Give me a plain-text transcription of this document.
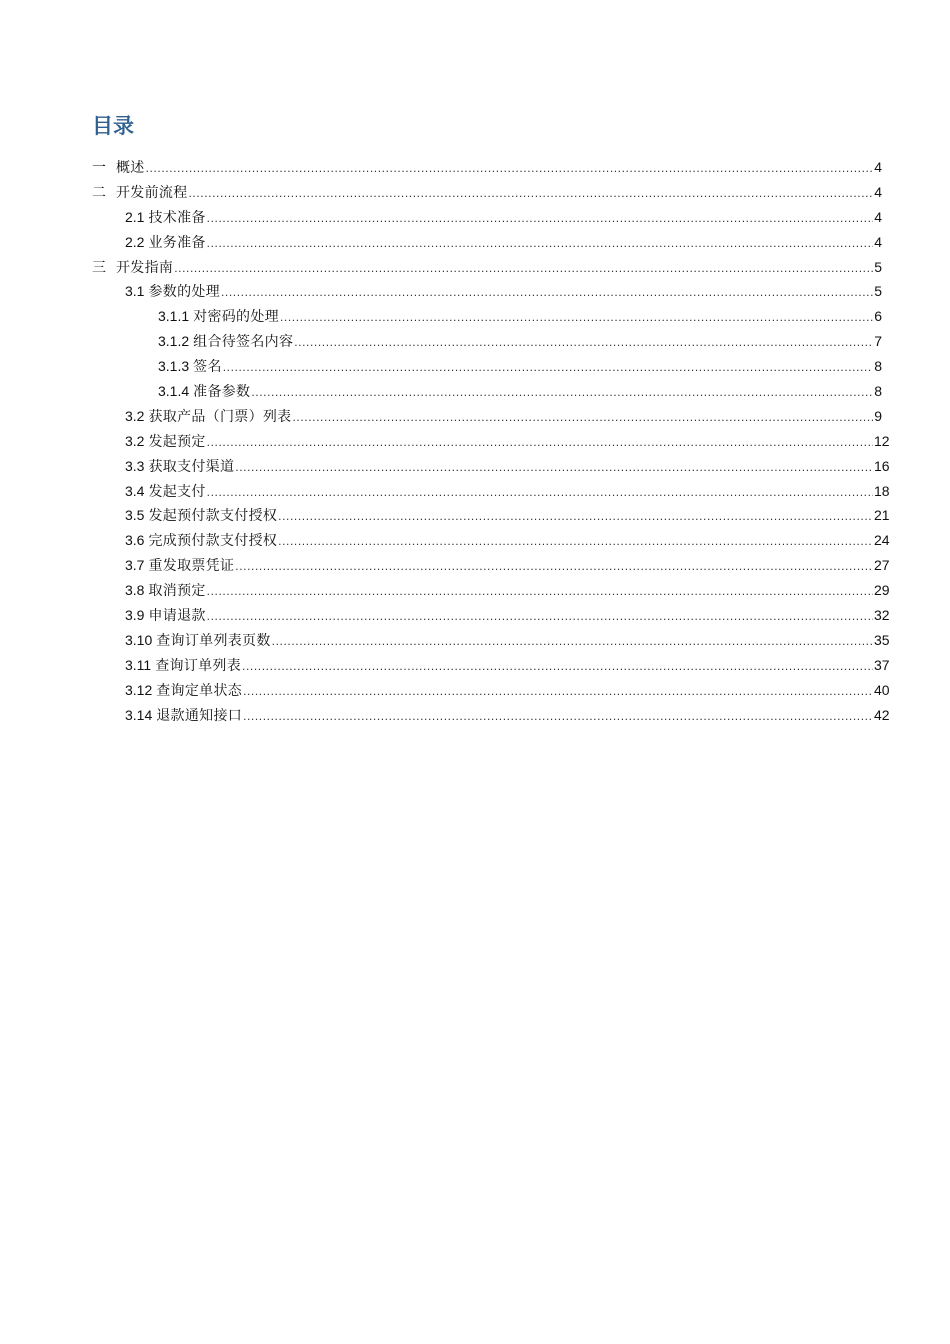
目录
一 概述 .....	4
二 开发前流程 .....	4
2.1 技术准备 .....	4
2.2 业务准备 .....	4
三 开发指南 .....	5
3.1 参数的处理 .....	5
3.1.1 对密码的处理 .....	6
3.1.2 组合待签名内容 .....	7
3.1.3 签名 .....	8
3.1.4 准备参数 .....	8
3.2 获取产品（门票）列表 .....	9
3.2 发起预定 .....	12
3.3 获取支付渠道 .....	16
3.4 发起支付 .....	18
3.5 发起预付款支付授权 .....	21
3.6 完成预付款支付授权 .....	24
3.7 重发取票凭证 .....	27
3.8 取消预定 .....	29
3.9 申请退款 .....	32
3.10 查询订单列表页数 .....	35
3.11 查询订单列表 .....	37
3.12 查询定单状态 .....	40
3.14 退款通知接口 .....	42
